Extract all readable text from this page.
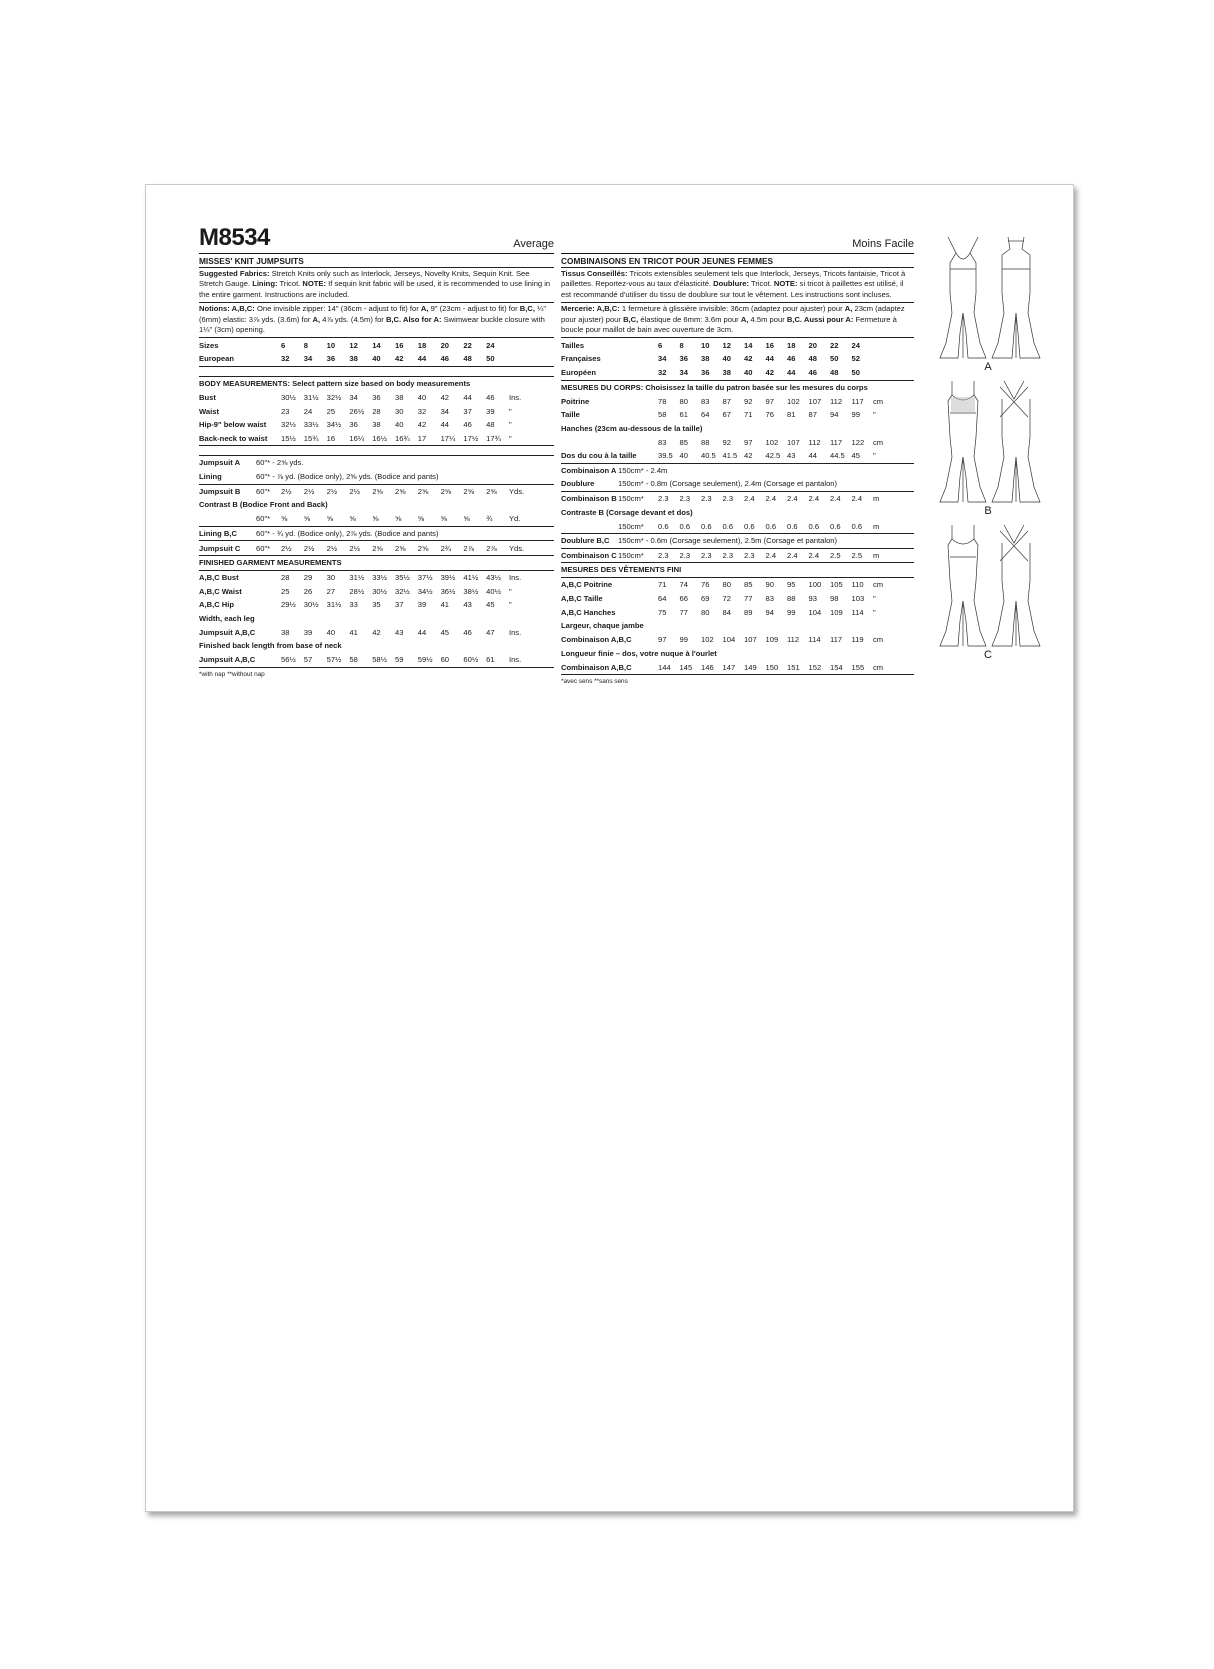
M8534	Average
MISSES' KNIT JUMPSUITS
Suggested Fabrics: Stretch Knits only such as Interlock, Jerseys, Novelty Knits, Sequin Knit. See Stretch Gauge. Lining: Tricot. NOTE: If sequin knit fabric will be used, it is recommended to use lining in the entire garment. Instructions are included.
Notions: A,B,C: One invisible zipper: 14" (36cm - adjust to fit) for A, 9" (23cm - adjust to fit) for B,C, ¼" (6mm) elastic: 3⅞ yds. (3.6m) for A, 4⅞ yds. (4.5m) for B,C. Also for A: Swimwear buckle closure with 1¼" (3cm) opening.
Sizes	6	8	10	12	14	16	18	20	22	24	
European	32	34	36	38	40	42	44	46	48	50	
BODY MEASUREMENTS: Select pattern size based on body measurements
Bust	30½	31½	32½	34	36	38	40	42	44	46	Ins.
Waist	23	24	25	26½	28	30	32	34	37	39	"
Hip-9" below waist	32½	33½	34½	36	38	40	42	44	46	48	"
Back-neck to waist	15½	15¾	16	16¼	16½	16¾	17	17¼	17½	17¾	"
Jumpsuit A	60"* - 2⅝ yds.
Lining	60"* - ⅞ yd. (Bodice only), 2⅝ yds. (Bodice and pants)
Jumpsuit B	60"*	2½	2½	2½	2½	2⅝	2⅝	2⅝	2⅝	2⅝	2⅝	Yds.
Contrast B (Bodice Front and Back)
	60"*	⅝	⅝	⅝	⅝	⅝	⅝	⅝	⅝	⅝	¾	Yd.
Lining B,C	60"* - ¾ yd. (Bodice only), 2⅞ yds. (Bodice and pants)
Jumpsuit C	60"*	2½	2½	2½	2½	2⅝	2⅝	2⅝	2¾	2⅞	2⅞	Yds.
FINISHED GARMENT MEASUREMENTS
A,B,C Bust	28	29	30	31½	33½	35½	37½	39½	41½	43½	Ins.
A,B,C Waist	25	26	27	28½	30½	32½	34½	36½	38½	40½	"
A,B,C Hip	29½	30½	31½	33	35	37	39	41	43	45	"
Width, each leg
Jumpsuit A,B,C	38	39	40	41	42	43	44	45	46	47	Ins.
Finished back length from base of neck
Jumpsuit A,B,C	56½	57	57½	58	58½	59	59½	60	60½	61	Ins.
*with nap **without nap
Moins Facile
COMBINAISONS EN TRICOT POUR JEUNES FEMMES
Tissus Conseillés: Tricots extensibles seulement tels que Interlock, Jerseys, Tricots fantaisie, Tricot à paillettes. Reportez-vous au taux d'élasticité. Doublure: Tricot. NOTE: si tricot à paillettes est utilisé, il est recommandé d'utiliser du tissu de doublure sur tout le vêtement. Les instructions sont incluses.
Mercerie: A,B,C: 1 fermeture à glissière invisible: 36cm (adaptez pour ajuster) pour A, 23cm (adaptez pour ajuster) pour B,C, élastique de 6mm: 3.6m pour A, 4.5m pour B,C. Aussi pour A: Fermeture à boucle pour maillot de bain avec ouverture de 3cm.
Tailles	6	8	10	12	14	16	18	20	22	24	
Françaises	34	36	38	40	42	44	46	48	50	52	
Européen	32	34	36	38	40	42	44	46	48	50	
MESURES DU CORPS: Choisissez la taille du patron basée sur les mesures du corps
Poitrine	78	80	83	87	92	97	102	107	112	117	cm
Taille	58	61	64	67	71	76	81	87	94	99	"
Hanches (23cm au-dessous de la taille)
	83	85	88	92	97	102	107	112	117	122	cm
Dos du cou à la taille	39.5	40	40.5	41.5	42	42.5	43	44	44.5	45	"
Combinaison A 150cm* - 2.4m
Doublure	150cm* - 0.8m (Corsage seulement), 2.4m (Corsage et pantalon)
Combinaison B	150cm*	2.3	2.3	2.3	2.3	2.4	2.4	2.4	2.4	2.4	2.4	m
Contraste B (Corsage devant et dos)
	150cm*	0.6	0.6	0.6	0.6	0.6	0.6	0.6	0.6	0.6	0.6	m
Doublure B,C	150cm* - 0.6m (Corsage seulement), 2.5m (Corsage et pantalon)
Combinaison C	150cm*	2.3	2.3	2.3	2.3	2.3	2.4	2.4	2.4	2.5	2.5	m
MESURES DES VÊTEMENTS FINI
A,B,C Poitrine	71	74	76	80	85	90	95	100	105	110	cm
A,B,C Taille	64	66	69	72	77	83	88	93	98	103	"
A,B,C Hanches	75	77	80	84	89	94	99	104	109	114	"
Largeur, chaque jambe
Combinaison A,B,C	97	99	102	104	107	109	112	114	117	119	cm
Longueur finie – dos, votre nuque à l'ourlet
Combinaison A,B,C	144	145	146	147	149	150	151	152	154	155	cm
*avec sens **sans sens
A
B
C
